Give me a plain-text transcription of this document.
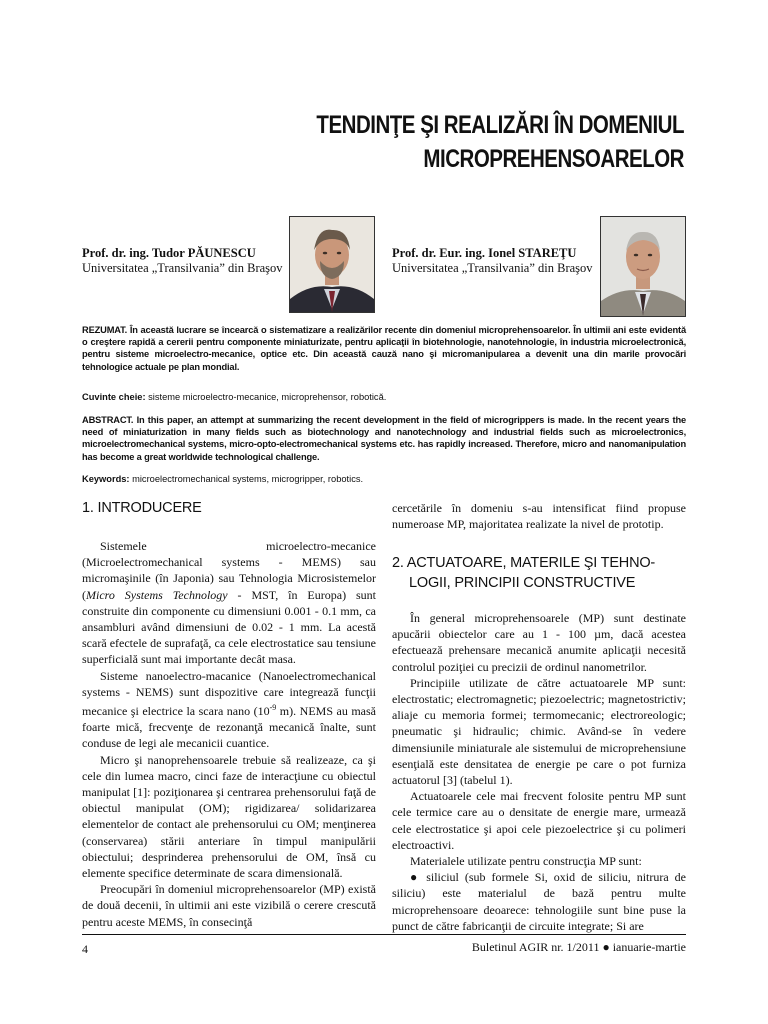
TENDINŢE ŞI REALIZĂRI ÎN DOMENIUL
MICROPREHENSOARELOR
Prof. dr. ing. Tudor PĂUNESCU
Universitatea „Transilvania” din Braşov
Prof. dr. Eur. ing. Ionel STAREŢU
Universitatea „Transilvania” din Braşov
REZUMAT. În această lucrare se încearcă o sistematizare a realizărilor recente din domeniul microprehensoarelor. În ultimii ani este evidentă o creştere rapidă a cererii pentru componente miniaturizate, pentru aplicaţii în biotehnologie, nanotehnologie, în industria microelectronică, pentru sisteme microelectro-mecanice, optice etc. Din această cauză nano şi micromanipularea a devenit una din marile provocări tehnologice actuale pe plan mondial.
Cuvinte cheie: sisteme microelectro-mecanice, microprehensor, robotică.
ABSTRACT. In this paper, an attempt at summarizing the recent development in the field of microgrippers is made. In the recent years the need of miniaturization in many fields such as biotechnology and nanotechnology and industrial fields such as microelectronics, microelectromechanical systems, micro-opto-electromechanical systems etc. has rapidly increased. Therefore, micro and nanomanipulation has become a great worldwide technological challenge.
Keywords: microelectromechanical systems, microgripper, robotics.
1. INTRODUCERE

Sistemele microelectro-mecanice (Microelectromechanical systems - MEMS) sau micromaşinile (în Japonia) sau Tehnologia Microsistemelor (Micro Systems Technology - MST, în Europa) sunt construite din componente cu dimensiuni 0.001 - 0.1 mm, ca ansambluri având dimensiuni de 0.02 - 1 mm. La acestă scară efectele de suprafaţă, ca cele electrostatice sau tensiune superficială sunt mai importante decât masa.

Sisteme nanoelectro-macanice (Nanoelectromechanical systems - NEMS) sunt dispozitive care integrează funcţii mecanice şi electrice la scara nano ($10^{-9}$ m). NEMS au masă foarte mică, frecvenţe de rezonanţă mecanică înalte, sunt conduse de legi ale mecanicii cuantice.

Micro şi nanoprehensoarele trebuie să realizeaze, ca şi cele din lumea macro, cinci faze de interacţiune cu obiectul manipulat [1]: poziţionarea şi centrarea prehensorului faţă de obiectul manipulat (OM); rigidizarea/ solidarizarea elementelor de contact ale prehensorului cu OM; menţinerea (conservarea) stării anteriare în timpul manipulării obiectului; desprinderea prehensorului de OM, însă cu elemente specifice determinate de scara dimensională.

Preocupări în domeniul microprehensoarelor (MP) există de două decenii, în ultimii ani este vizibilă o cerere crescută pentru aceste MEMS, în consecinţă

cercetările în domeniu s-au intensificat fiind propuse numeroase MP, majoritatea realizate la nivel de prototip.

2. ACTUATOARE, MATERILE ŞI TEHNO-
LOGII, PRINCIPII CONSTRUCTIVE

În general microprehensoarele (MP) sunt destinate apucării obiectelor care au 1 - 100 µm, dacă acestea efectuează prehensare mecanică anumite aplicaţii necesită controlul poziţiei cu precizii de ordinul nanometrilor.

Principiile utilizate de către actuatoarele MP sunt: electrostatic; electromagnetic; piezoelectric; magnetostrictiv; aliaje cu memoria formei; termomecanic; electroreologic; pneumatic şi hidraulic; chimic. Având-se în vedere dimensiunile miniaturale ale sistemului de microprehensiune esenţială este densitatea de energie pe care o pot furniza actuatorul [3] (tabelul 1).

Actuatoarele cele mai frecvent folosite pentru MP sunt cele termice care au o densitate de energie mare, urmează cele electrostatice şi apoi cele piezoelectrice şi cu polimeri electroactivi.

Materialele utilizate pentru construcţia MP sunt:

● siliciul (sub formele Si, oxid de siliciu, nitrura de siliciu) este materialul de bază pentru multe microprehensoare deoarece: tehnologiile sunt bine puse la punct de către fabricanţii de circuite integrate; Si are

4	Buletinul AGIR nr. 1/2011 ● ianuarie-martie
